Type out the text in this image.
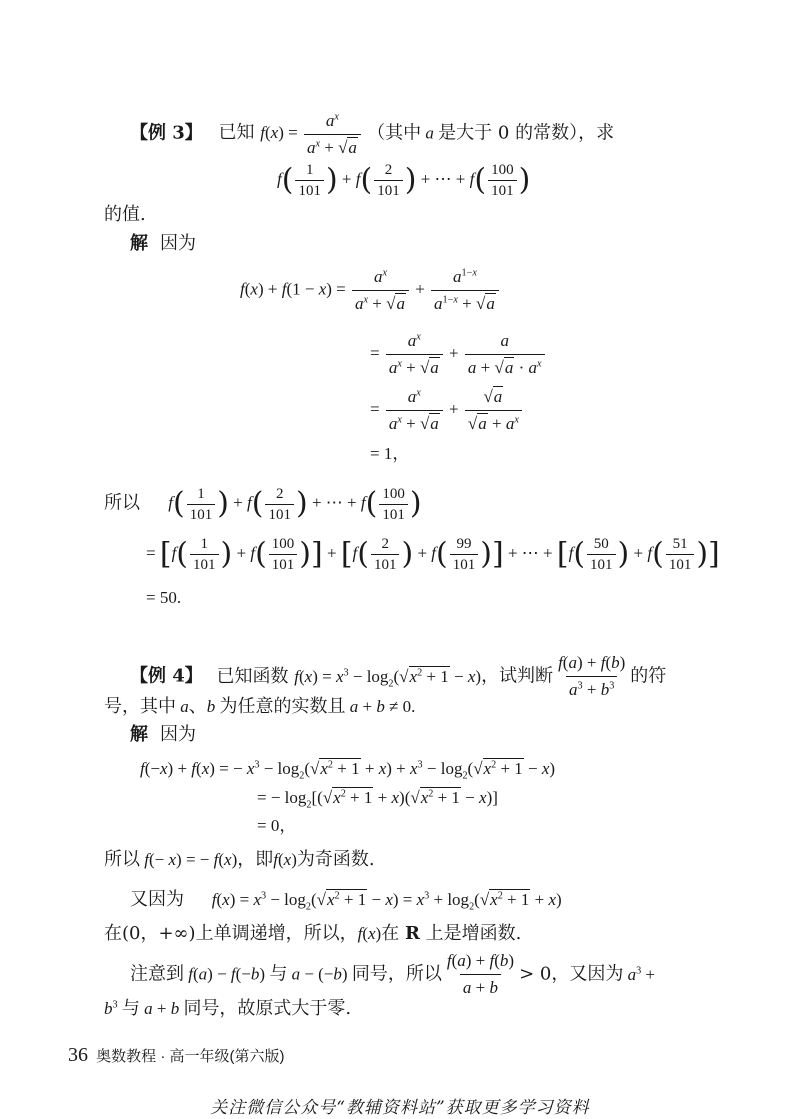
【例 3】 已知 $f(x) = \frac{a^x}{a^x + √a}$ （其中 a 是大于 0 的常数），求
$f( \frac{1}{101}$ ) + $f( \frac{2}{101}$ ) + ⋯ + $f( \frac{100}{101}$ )
的值.
解 因为
$f(x) + f(1 - x) = \frac{a^x}{a^x + √a} + \frac{a^{1-x}}{a^{1-x} + √a}$
= $\frac{a^x}{a^x + √a} + \frac{a}{a + √a \cdot a^x}$
= $\frac{a^x}{a^x + √a} + \frac{√a}{√a + a^x}$
= 1，
所以 $f( \frac{1}{101}$ ) + $f( \frac{2}{101}$ ) + ⋯ + $f( \frac{100}{101}$ )
= [$f( \frac{1}{101}$ ) + $f( \frac{100}{101}$ )] + [$f( \frac{2}{101}$ ) + $f( \frac{99}{101}$ )] + ⋯ + [$f( \frac{50}{101}$ ) + $f( \frac{51}{101}$ )]
= 50.
【例 4】 已知函数 $f(x) = x^3 - \log_2(√x^2 + 1 - x)$，试判断 $\frac{f(a) + f(b)}{a^3 + b^3}$ 的符
号，其中 a、b 为任意的实数且 a + b ≠ 0.
解 因为
f(−x) + f(x) = − $x^3 - \log_2(√x^2 + 1 + x) + x^3 - \log_2(√x^2 + 1 - x)$
= − $\log_2[(√x^2 + 1 + x)(√x^2 + 1 - x)]$
= 0，
所以 f(− x) = − f(x)，即f(x)为奇函数.
又因为 $f(x) = x^3 - \log_2(√x^2 + 1 - x) = x^3 + \log_2(√x^2 + 1 + x)$
在(0，+∞)上单调递增，所以，f(x)在 R 上是增函数.
注意到 f(a) − f(−b) 与 a − (−b) 同号，所以 $\frac{f(a) + f(b)}{a + b} > 0$，又因为 $a^3$ +
$b^3$ 与 a + b 同号，故原式大于零.
36 奥数教程 · 高一年级(第六版)
关注微信公众号“教辅资料站”获取更多学习资料
